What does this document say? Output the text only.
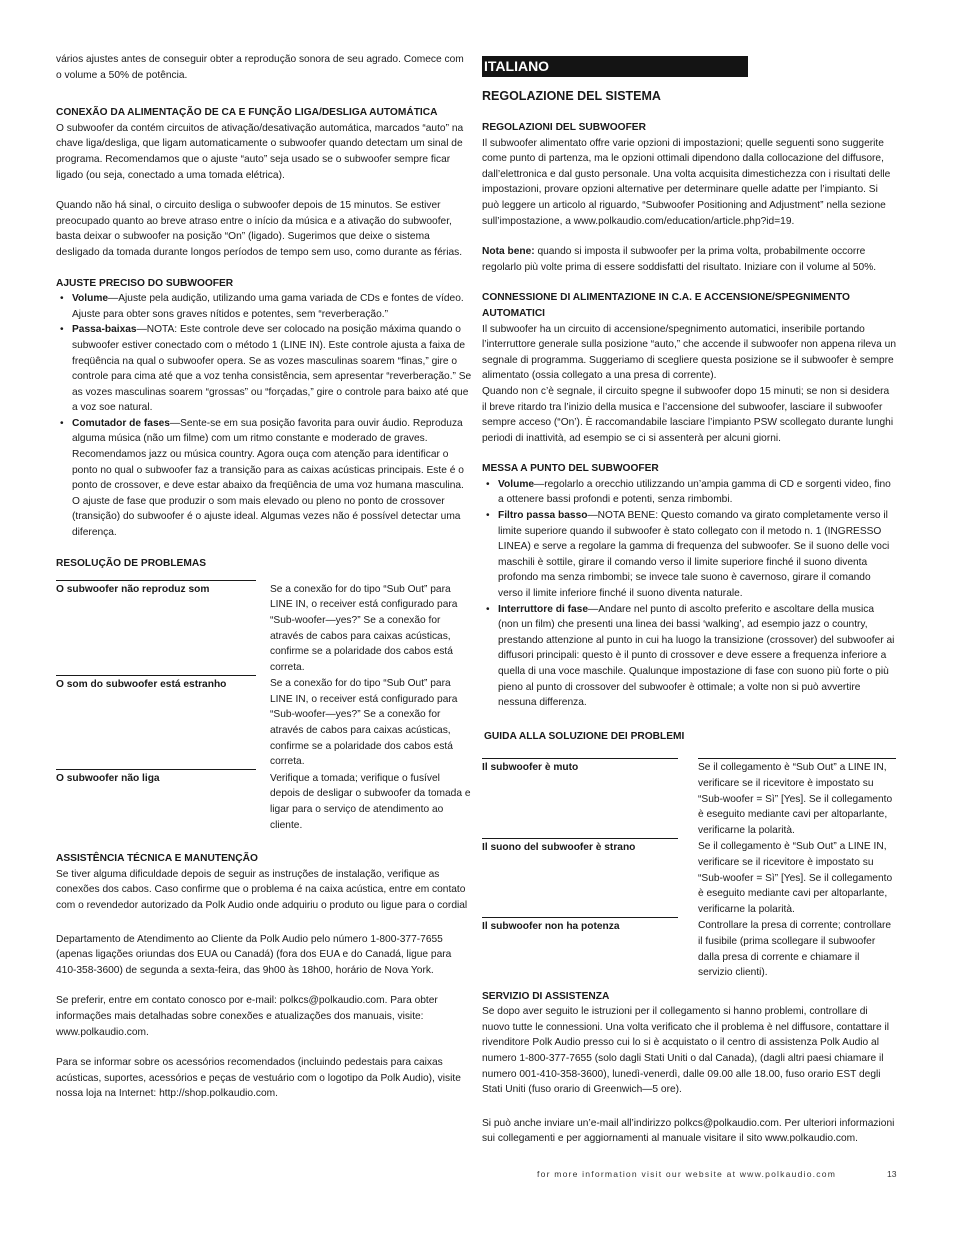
vários ajustes antes de conseguir obter a reprodução sonora de seu agrado. Comece com o volume a 50% de potência.

CONEXÃO DA ALIMENTAÇÃO DE CA E FUNÇÃO LIGA/DESLIGA AUTOMÁTICA

O subwoofer da contém circuitos de ativação/desativação automática, marcados “auto” na chave liga/desliga, que ligam automaticamente o subwoofer quando detectam um sinal de programa. Recomendamos que o ajuste “auto” seja usado se o subwoofer sempre ficar ligado (ou seja, conectado a uma tomada elétrica).

Quando não há sinal, o circuito desliga o subwoofer depois de 15 minutos. Se estiver preocupado quanto ao breve atraso entre o início da música e a ativação do subwoofer, basta deixar o subwoofer na posição “On” (ligado). Sugerimos que deixe o sistema desligado da tomada durante longos períodos de tempo sem uso, como durante as férias.

AJUSTE PRECISO DO SUBWOOFER

• Volume—Ajuste pela audição, utilizando uma gama variada de CDs e fontes de vídeo. Ajuste para obter sons graves nítidos e potentes, sem “reverberação.”
• Passa-baixas—NOTA: Este controle deve ser colocado na posição máxima quando o subwoofer estiver conectado com o método 1 (LINE IN). Este controle ajusta a faixa de freqüência na qual o subwoofer opera. Se as vozes masculinas soarem “finas,” gire o controle para cima até que a voz tenha consistência, sem apresentar “reverberação.” Se as vozes masculinas soarem “grossas” ou “forçadas,” gire o controle para baixo até que a voz soe natural.
• Comutador de fases—Sente-se em sua posição favorita para ouvir áudio. Reproduza alguma música (não um filme) com um ritmo constante e moderado de graves. Recomendamos jazz ou música country. Agora ouça com atenção para identificar o ponto no qual o subwoofer faz a transição para as caixas acústicas principais. Este é o ponto de crossover, e deve estar abaixo da freqüência de uma voz humana masculina. O ajuste de fase que produzir o som mais elevado ou pleno no ponto de crossover (transição) do subwoofer é o ajuste ideal. Algumas vezes não é possível detectar uma diferença.

RESOLUÇÃO DE PROBLEMAS

O subwoofer não reproduz som		Se a conexão for do tipo “Sub Out” para LINE IN, o receiver está configurado para “Sub-woofer—yes?” Se a conexão for através de cabos para caixas acústicas, confirme se a polaridade dos cabos está correta.
O som do subwoofer está estranho		Se a conexão for do tipo “Sub Out” para LINE IN, o receiver está configurado para “Sub-woofer—yes?” Se a conexão for através de cabos para caixas acústicas, confirme se a polaridade dos cabos está correta.
O subwoofer não liga		Verifique a tomada; verifique o fusível depois de desligar o subwoofer da tomada e ligar para o serviço de atendimento ao cliente.

ASSISTÊNCIA TÉCNICA E MANUTENÇÃO

Se tiver alguma dificuldade depois de seguir as instruções de instalação, verifique as conexões dos cabos. Caso confirme que o problema é na caixa acústica, entre em contato com o revendedor autorizado da Polk Audio onde adquiriu o produto ou ligue para o cordial

Departamento de Atendimento ao Cliente da Polk Audio pelo número 1-800-377-7655 (apenas ligações oriundas dos EUA ou Canadá) (fora dos EUA e do Canadá, ligue para 410-358-3600) de segunda a sexta-feira, das 9h00 às 18h00, horário de Nova York.

Se preferir, entre em contato conosco por e-mail: polkcs@polkaudio.com. Para obter informações mais detalhadas sobre conexões e atualizações dos manuais, visite: www.polkaudio.com.

Para se informar sobre os acessórios recomendados (incluindo pedestais para caixas acústicas, suportes, acessórios e peças de vestuário com o logotipo da Polk Audio), visite nossa loja na Internet: http://shop.polkaudio.com.

ITALIANO

REGOLAZIONE DEL SISTEMA

REGOLAZIONI DEL SUBWOOFER

Il subwoofer alimentato offre varie opzioni di impostazioni; quelle seguenti sono suggerite come punto di partenza, ma le opzioni ottimali dipendono dalla collocazione del diffusore, dall’elettronica e dal gusto personale. Una volta acquisita dimestichezza con i risultati delle impostazioni, provare opzioni alternative per determinare quelle adatte per l’impianto. Si può leggere un articolo al riguardo, “Subwoofer Positioning and Adjustment” nella sezione sull’impostazione, a www.polkaudio.com/education/article.php?id=19.

Nota bene: quando si imposta il subwoofer per la prima volta, probabilmente occorre regolarlo più volte prima di essere soddisfatti del risultato. Iniziare con il volume al 50%.

CONNESSIONE DI ALIMENTAZIONE IN C.A. E ACCENSIONE/SPEGNIMENTO AUTOMATICI

Il subwoofer ha un circuito di accensione/spegnimento automatici, inseribile portando l’interruttore generale sulla posizione “auto,” che accende il subwoofer non appena rileva un segnale di programma. Suggeriamo di scegliere questa posizione se il subwoofer è sempre alimentato (ossia collegato a una presa di corrente).

Quando non c’è segnale, il circuito spegne il subwoofer dopo 15 minuti; se non si desidera il breve ritardo tra l’inizio della musica e l’accensione del subwoofer, lasciare il subwoofer sempre acceso (“On’). È raccomandabile lasciare l’impianto PSW scollegato durante lunghi periodi di inattività, ad esempio se ci si assenterà per alcuni giorni.

MESSA A PUNTO DEL SUBWOOFER

• Volume—regolarlo a orecchio utilizzando un’ampia gamma di CD e sorgenti video, fino a ottenere bassi profondi e potenti, senza rimbombi.
• Filtro passa basso—NOTA BENE: Questo comando va girato completamente verso il limite superiore quando il subwoofer è stato collegato con il metodo n. 1 (INGRESSO LINEA) e serve a regolare la gamma di frequenza del subwoofer. Se il suono delle voci maschili è sottile, girare il comando verso il limite superiore finché il suono diventa profondo ma senza rimbombi; se invece tale suono è cavernoso, girare il comando verso il limite inferiore finché il suono diventa naturale.
• Interruttore di fase—Andare nel punto di ascolto preferito e ascoltare della musica (non un film) che presenti una linea dei bassi ‘walking’, ad esempio jazz o country, prestando attenzione al punto in cui ha luogo la transizione (crossover) del subwoofer ai diffusori principali: questo è il punto di crossover e deve essere a frequenza inferiore a quella di una voce maschile. Qualunque impostazione di fase con suono più forte o più pieno al punto di crossover del subwoofer è ottimale; a volte non si può avvertire nessuna differenza.

GUIDA ALLA SOLUZIONE DEI PROBLEMI

Il subwoofer è muto		Se il collegamento è “Sub Out” a LINE IN, verificare se il ricevitore è impostato su “Sub-woofer = Sì” [Yes]. Se il collegamento è eseguito mediante cavi per altoparlante, verificarne la polarità.
Il suono del subwoofer è strano		Se il collegamento è “Sub Out” a LINE IN, verificare se il ricevitore è impostato su “Sub-woofer = Sì” [Yes]. Se il collegamento è eseguito mediante cavi per altoparlante, verificarne la polarità.
Il subwoofer non ha potenza		Controllare la presa di corrente; controllare il fusibile (prima scollegare il subwoofer dalla presa di corrente e chiamare il servizio clienti).

SERVIZIO DI ASSISTENZA

Se dopo aver seguito le istruzioni per il collegamento si hanno problemi, controllare di nuovo tutte le connessioni. Una volta verificato che il problema è nel diffusore, contattare il rivenditore Polk Audio presso cui lo si è acquistato o il centro di assistenza Polk Audio al numero 1-800-377-7655 (solo dagli Stati Uniti o dal Canada), (dagli altri paesi chiamare il numero 001-410-358-3600), lunedì-venerdì, dalle 09.00 alle 18.00, fuso orario EST degli Stati Uniti (fuso orario di Greenwich—5 ore).

Si può anche inviare un’e-mail all’indirizzo polkcs@polkaudio.com. Per ulteriori informazioni sui collegamenti e per aggiornamenti al manuale visitare il sito www.polkaudio.com.

for more information visit our website at www.polkaudio.com	13
